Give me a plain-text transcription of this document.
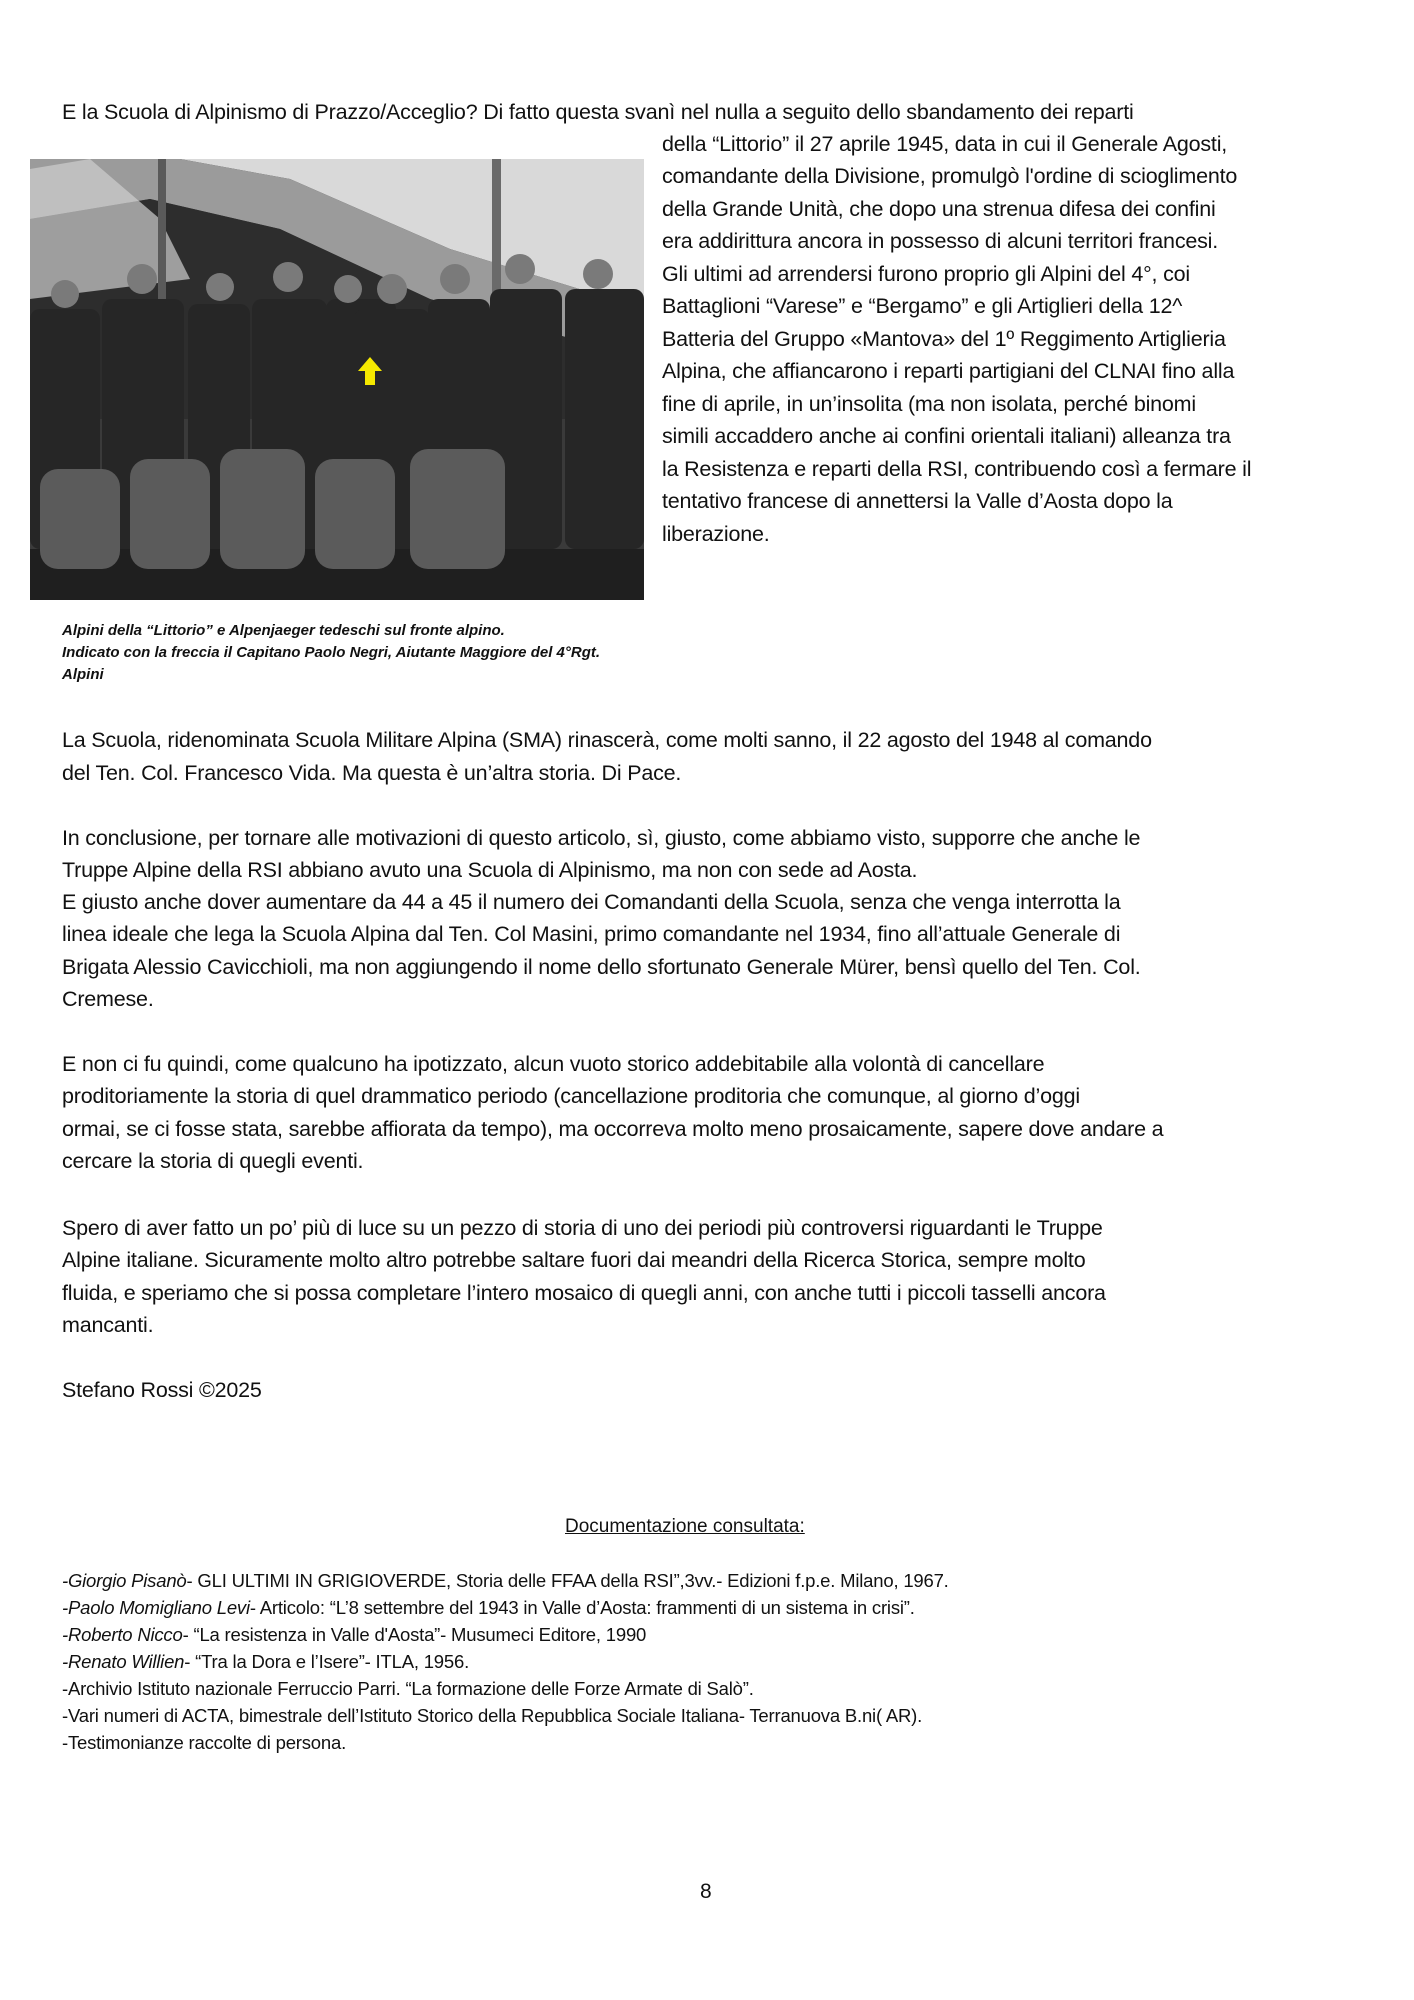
E la Scuola di Alpinismo di Prazzo/Acceglio? Di fatto questa svanì nel nulla a seguito dello sbandamento dei reparti
della “Littorio” il 27 aprile 1945, data in cui il Generale Agosti,
comandante della Divisione, promulgò l'ordine di scioglimento
della Grande Unità, che dopo una strenua difesa dei confini
era addirittura ancora in possesso di alcuni territori francesi.
Gli ultimi ad arrendersi furono proprio gli Alpini del 4°, coi
Battaglioni “Varese” e “Bergamo” e gli Artiglieri della 12^
Batteria del Gruppo «Mantova» del 1º Reggimento Artiglieria
Alpina, che affiancarono i reparti partigiani del CLNAI fino alla
fine di aprile, in un’insolita (ma non isolata, perché binomi
simili accaddero anche ai confini orientali italiani) alleanza tra
la Resistenza e reparti della RSI, contribuendo così a fermare il
tentativo francese di annettersi la Valle d’Aosta dopo la
liberazione.
Alpini della “Littorio” e Alpenjaeger tedeschi sul fronte alpino.
Indicato con la freccia il Capitano Paolo Negri, Aiutante Maggiore del 4°Rgt.
Alpini
La Scuola, ridenominata Scuola Militare Alpina (SMA) rinascerà, come molti sanno, il 22 agosto del 1948 al comando
del Ten. Col. Francesco Vida. Ma questa è un’altra storia. Di Pace.
In conclusione, per tornare alle motivazioni di questo articolo, sì, giusto, come abbiamo visto, supporre che anche le
Truppe Alpine della RSI abbiano avuto una Scuola di Alpinismo, ma non con sede ad Aosta.
E giusto anche dover aumentare da 44 a 45 il numero dei Comandanti della Scuola, senza che venga interrotta la
linea ideale che lega la Scuola Alpina dal Ten. Col Masini, primo comandante nel 1934, fino all’attuale Generale di
Brigata Alessio Cavicchioli, ma non aggiungendo il nome dello sfortunato Generale Mürer, bensì quello del Ten. Col.
Cremese.
E non ci fu quindi, come qualcuno ha ipotizzato, alcun vuoto storico addebitabile alla volontà di cancellare
proditoriamente la storia di quel drammatico periodo (cancellazione proditoria che comunque, al giorno d’oggi
ormai, se ci fosse stata, sarebbe affiorata da tempo), ma occorreva molto meno prosaicamente, sapere dove andare a
cercare la storia di quegli eventi.
Spero di aver fatto un po’ più di luce su un pezzo di storia di uno dei periodi più controversi riguardanti le Truppe
Alpine italiane. Sicuramente molto altro potrebbe saltare fuori dai meandri della Ricerca Storica, sempre molto
fluida, e speriamo che si possa completare l’intero mosaico di quegli anni, con anche tutti i piccoli tasselli ancora
mancanti.
Stefano Rossi ©2025
Documentazione consultata:
-Giorgio Pisanò- GLI ULTIMI IN GRIGIOVERDE, Storia delle FFAA della RSI”,3vv.- Edizioni f.p.e. Milano, 1967.
-Paolo Momigliano Levi- Articolo: “L’8 settembre del 1943 in Valle d’Aosta: frammenti di un sistema in crisi”.
-Roberto Nicco- “La resistenza in Valle d'Aosta”- Musumeci Editore, 1990
-Renato Willien- “Tra la Dora e l’Isere”- ITLA, 1956.
-Archivio Istituto nazionale Ferruccio Parri. “La formazione delle Forze Armate di Salò”.
-Vari numeri di ACTA, bimestrale dell’Istituto Storico della Repubblica Sociale Italiana- Terranuova B.ni( AR).
-Testimonianze raccolte di persona.
8
